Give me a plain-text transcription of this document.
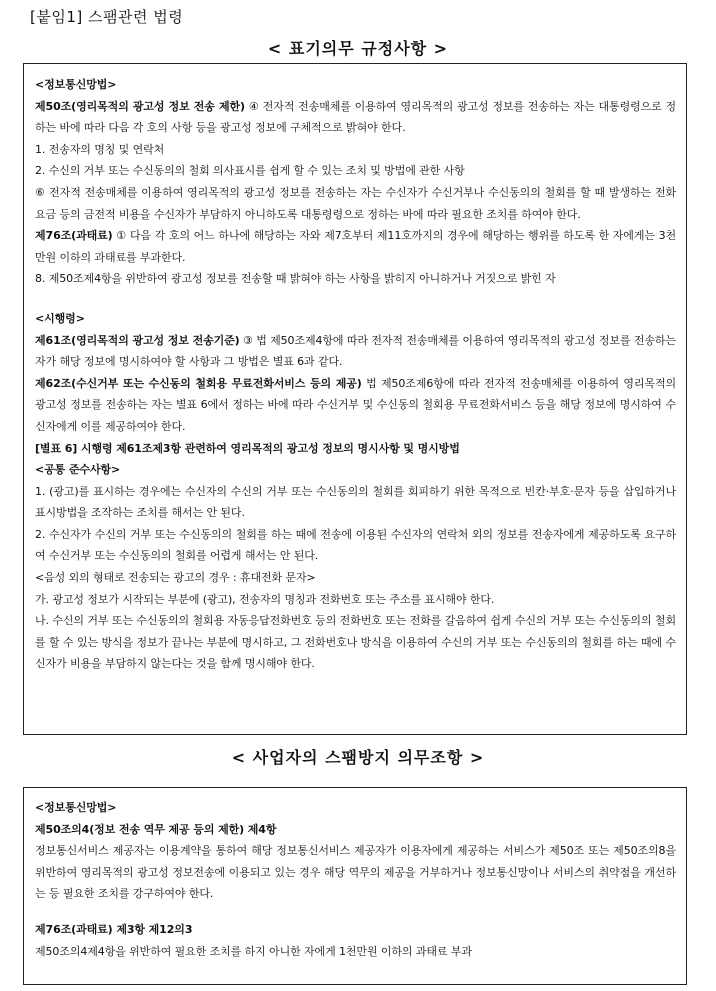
[붙임1] 스팸관련 법령
< 표기의무 규정사항 >

<정보통신망법>

제50조(영리목적의 광고성 정보 전송 제한) ④ 전자적 전송매체를 이용하여 영리목적의 광고성 정보를 전송하는 자는 대통령령으로 정하는 바에 따라 다음 각 호의 사항 등을 광고성 정보에 구체적으로 밝혀야 한다.

1. 전송자의 명칭 및 연락처

2. 수신의 거부 또는 수신동의의 철회 의사표시를 쉽게 할 수 있는 조치 및 방법에 관한 사항

⑥ 전자적 전송매체를 이용하여 영리목적의 광고성 정보를 전송하는 자는 수신자가 수신거부나 수신동의의 철회를 할 때 발생하는 전화요금 등의 금전적 비용을 수신자가 부담하지 아니하도록 대통령령으로 정하는 바에 따라 필요한 조치를 하여야 한다.

제76조(과태료) ① 다음 각 호의 어느 하나에 해당하는 자와 제7호부터 제11호까지의 경우에 해당하는 행위를 하도록 한 자에게는 3천만원 이하의 과태료를 부과한다.

8. 제50조제4항을 위반하여 광고성 정보를 전송할 때 밝혀야 하는 사항을 밝히지 아니하거나 거짓으로 밝힌 자

<시행령>

제61조(영리목적의 광고성 정보 전송기준) ③ 법 제50조제4항에 따라 전자적 전송매체를 이용하여 영리목적의 광고성 정보를 전송하는 자가 해당 정보에 명시하여야 할 사항과 그 방법은 별표 6과 같다.

제62조(수신거부 또는 수신동의 철회용 무료전화서비스 등의 제공) 법 제50조제6항에 따라 전자적 전송매체를 이용하여 영리목적의 광고성 정보를 전송하는 자는 별표 6에서 정하는 바에 따라 수신거부 및 수신동의 철회용 무료전화서비스 등을 해당 정보에 명시하여 수신자에게 이를 제공하여야 한다.

[별표 6] 시행령 제61조제3항 관련하여 영리목적의 광고성 정보의 명시사항 및 명시방법

<공통 준수사항>

1. (광고)를 표시하는 경우에는 수신자의 수신의 거부 또는 수신동의의 철회를 회피하기 위한 목적으로 빈칸·부호·문자 등을 삽입하거나 표시방법을 조작하는 조치를 해서는 안 된다.

2. 수신자가 수신의 거부 또는 수신동의의 철회를 하는 때에 전송에 이용된 수신자의 연락처 외의 정보를 전송자에게 제공하도록 요구하여 수신거부 또는 수신동의의 철회를 어렵게 해서는 안 된다.

<음성 외의 형태로 전송되는 광고의 경우 : 휴대전화 문자>

가. 광고성 정보가 시작되는 부분에 (광고), 전송자의 명칭과 전화번호 또는 주소를 표시해야 한다.

나. 수신의 거부 또는 수신동의의 철회용 자동응답전화번호 등의 전화번호 또는 전화를 갈음하여 쉽게 수신의 거부 또는 수신동의의 철회를 할 수 있는 방식을 정보가 끝나는 부분에 명시하고, 그 전화번호나 방식을 이용하여 수신의 거부 또는 수신동의의 철회를 하는 때에 수신자가 비용을 부담하지 않는다는 것을 함께 명시해야 한다.

< 사업자의 스팸방지 의무조항 >

<정보통신망법>

제50조의4(정보 전송 역무 제공 등의 제한) 제4항

정보통신서비스 제공자는 이용계약을 통하여 해당 정보통신서비스 제공자가 이용자에게 제공하는 서비스가 제50조 또는 제50조의8을 위반하여 영리목적의 광고성 정보전송에 이용되고 있는 경우 해당 역무의 제공을 거부하거나 정보통신망이나 서비스의 취약점을 개선하는 등 필요한 조치를 강구하여야 한다.

제76조(과태료) 제3항 제12의3

제50조의4제4항을 위반하여 필요한 조치를 하지 아니한 자에게 1천만원 이하의 과태료 부과
